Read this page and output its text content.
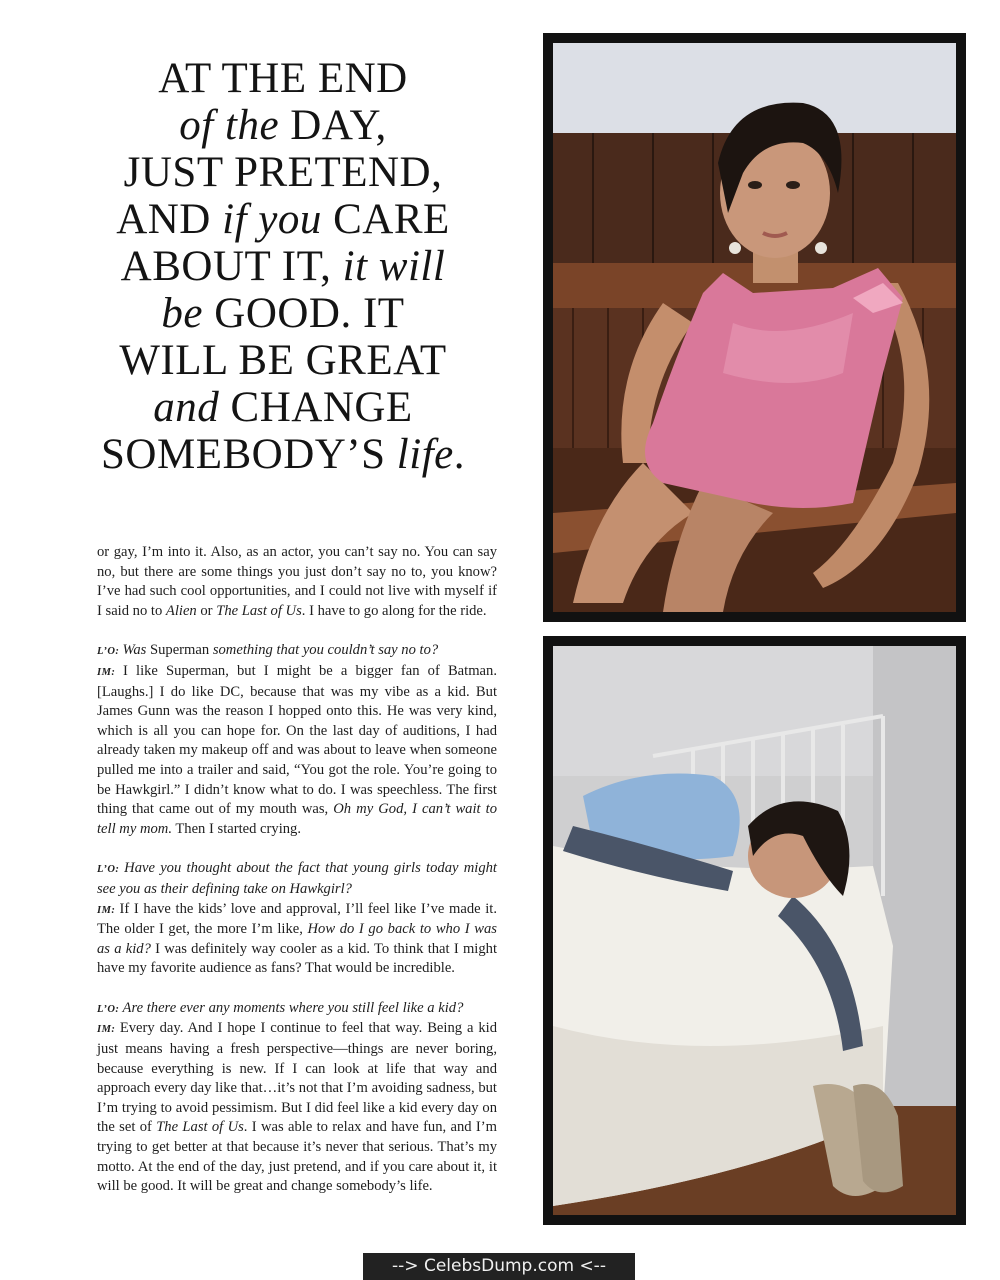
AT THE END
of the DAY,
JUST PRETEND,
AND if you CARE
ABOUT IT, it will
be GOOD. IT
WILL BE GREAT
and CHANGE
SOMEBODY’S life.

or gay, I’m into it. Also, as an actor, you can’t say no. You can say no, but there are some things you just don’t say no to, you know? I’ve had such cool opportunities, and I could not live with myself if I said no to Alien or The Last of Us. I have to go along for the ride.

L’O: Was Superman something that you couldn’t say no to?
IM: I like Superman, but I might be a bigger fan of Batman. [Laughs.] I do like DC, because that was my vibe as a kid. But James Gunn was the reason I hopped onto this. He was very kind, which is all you can hope for. On the last day of auditions, I had already taken my makeup off and was about to leave when someone pulled me into a trailer and said, “You got the role. You’re going to be Hawkgirl.” I didn’t know what to do. I was speechless. The first thing that came out of my mouth was, Oh my God, I can’t wait to tell my mom. Then I started crying.

L’O: Have you thought about the fact that young girls today might see you as their defining take on Hawkgirl?
IM: If I have the kids’ love and approval, I’ll feel like I’ve made it. The older I get, the more I’m like, How do I go back to who I was as a kid? I was definitely way cooler as a kid. To think that I might have my favorite audience as fans? That would be incredible.

L’O: Are there ever any moments where you still feel like a kid?
IM: Every day. And I hope I continue to feel that way. Being a kid just means having a fresh perspective—things are never boring, because everything is new. If I can look at life that way and approach every day like that…it’s not that I’m avoiding sadness, but I’m trying to avoid pessimism. But I did feel like a kid every day on the set of The Last of Us. I was able to relax and have fun, and I’m trying to get better at that because it’s never that serious. That’s my motto. At the end of the day, just pretend, and if you care about it, it will be good. It will be great and change somebody’s life.

--> CelebsDump.com <--
